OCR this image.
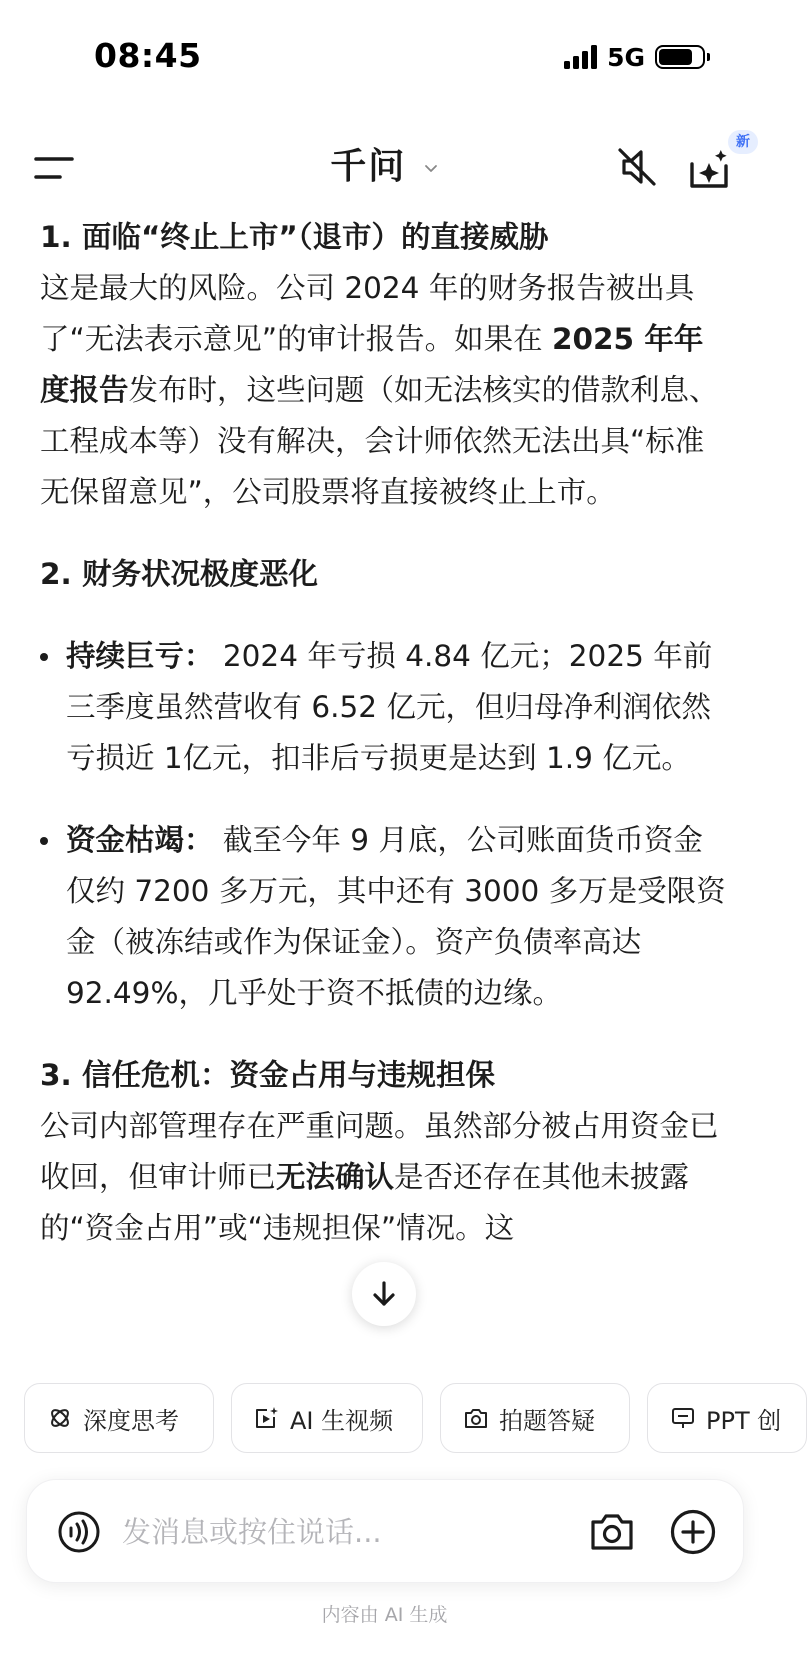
08:45	5G
千问
新
1. 面临“终止上市”（退市）的直接威胁

这是最大的风险。公司 2024 年的财务报告被出具了“无法表示意见”的审计报告。如果在 2025 年年度报告发布时，这些问题（如无法核实的借款利息、工程成本等）没有解决，会计师依然无法出具“标准无保留意见”，公司股票将直接被终止上市。

2. 财务状况极度恶化

持续巨亏： 2024 年亏损 4.84 亿元；2025 年前三季度虽然营收有 6.52 亿元，但归母净利润依然亏损近 1亿元，扣非后亏损更是达到 1.9 亿元。

资金枯竭： 截至今年 9 月底，公司账面货币资金仅约 7200 多万元，其中还有 3000 多万是受限资金（被冻结或作为保证金）。资产负债率高达 92.49%，几乎处于资不抵债的边缘。

3. 信任危机：资金占用与违规担保

公司内部管理存在严重问题。虽然部分被占用资金已收回，但审计师已无法确认是否还存在其他未披露的“资金占用”或“违规担保”情况。这

深度思考	AI 生视频	拍题答疑	PPT 创
发消息或按住说话...
内容由 AI 生成
